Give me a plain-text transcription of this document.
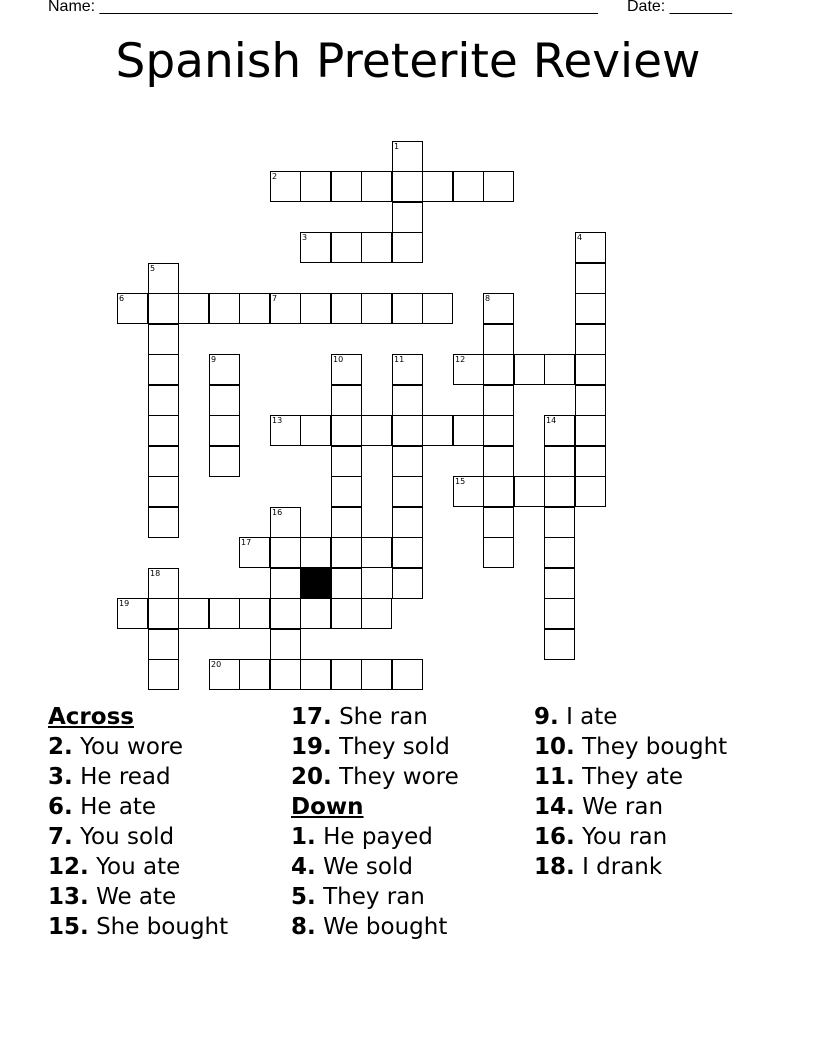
Name: ________________________________________________________ Date: _______
Spanish Preterite Review
1
2
3	4
5
6	7	8
9	10	11	12
13	14
15
16
17
18
19
20
Across
2. You wore
3. He read
6. He ate
7. You sold
12. You ate
13. We ate
15. She bought
17. She ran
19. They sold
20. They wore
Down
1. He payed
4. We sold
5. They ran
8. We bought
9. I ate
10. They bought
11. They ate
14. We ran
16. You ran
18. I drank
